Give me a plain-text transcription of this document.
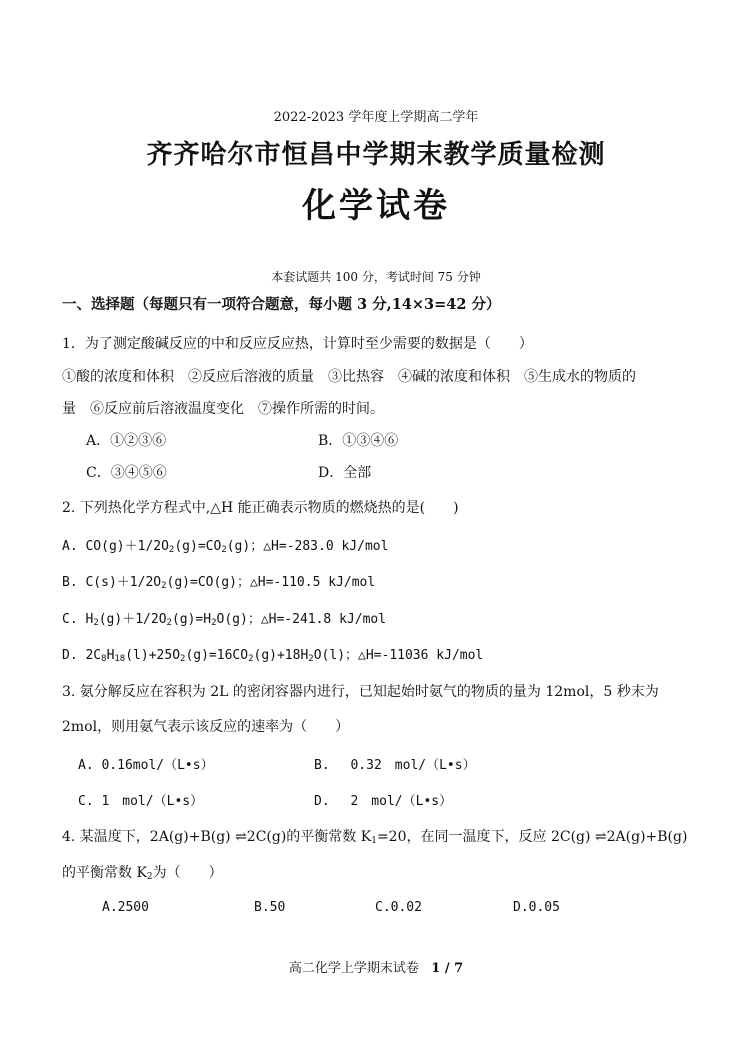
2022-2023 学年度上学期高二学年
齐齐哈尔市恒昌中学期末教学质量检测
化学试卷
本套试题共 100 分，考试时间 75 分钟
一、选择题（每题只有一项符合题意，每小题 3 分,14×3=42 分）
1．为了测定酸碱反应的中和反应反应热，计算时至少需要的数据是（　　）
①酸的浓度和体积　②反应后溶液的质量　③比热容　④碱的浓度和体积　⑤生成水的物质的
量　⑥反应前后溶液温度变化　⑦操作所需的时间。
A．①②③⑥	B．①③④⑥
C．③④⑤⑥	D．全部
2. 下列热化学方程式中,△H 能正确表示物质的燃烧热的是(　　)
A. $CO(g)+1/2O_2(g)=CO_2(g)$；△H=-283.0 kJ/mol
B. $C(s)+1/2O_2(g)=CO(g)$；△H=-110.5 kJ/mol
C. $H_2(g)+1/2O_2(g)=H_2O(g)$；△H=-241.8 kJ/mol
D. $2C_8H_{18}(l)+25O_2(g)=16CO_2(g)+18H_2O(l)$；△H=-11036 kJ/mol
3. 氨分解反应在容积为 2L 的密闭容器内进行，已知起始时氨气的物质的量为 12mol，5 秒末为
2mol，则用氨气表示该反应的速率为（　　）
A. 0.16mol/（L•s）	B.　 0.32　mol/（L•s）
C. 1　mol/（L•s）	D.　 2　mol/（L•s）
4. 某温度下，2A(g)+B(g) ⇌2C(g)的平衡常数 $K_1=20$，在同一温度下，反应 2C(g) ⇌2A(g)+B(g)
的平衡常数 $K_2$为（　　）
A.2500	B.50	C.0.02	D.0.05
高二化学上学期末试卷 1 / 7
